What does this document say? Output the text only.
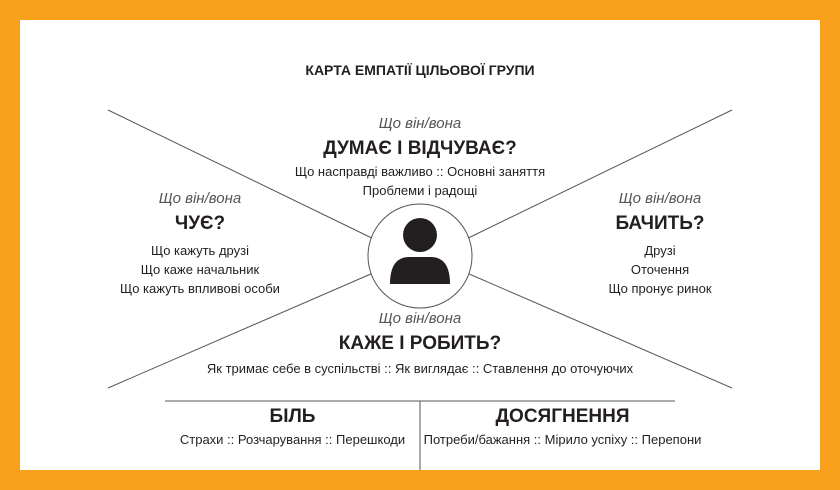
КАРТА ЕМПАТІЇ ЦІЛЬОВОЇ ГРУПИ
Що він/вона
ДУМАЄ І ВІДЧУВАЄ?
Що насправді важливо :: Основні заняття
Проблеми і радощі
Що він/вона
ЧУЄ?
Що кажуть друзі
Що каже начальник
Що кажуть впливові особи
Що він/вона
БАЧИТЬ?
Друзі
Оточення
Що пронує ринок
Що він/вона
КАЖЕ І РОБИТЬ?
Як тримає себе в суспільстві :: Як виглядає :: Ставлення до оточуючих
БІЛЬ
Страхи :: Розчарування :: Перешкоди
ДОСЯГНЕННЯ
Потреби/бажання :: Мірило успіху :: Перепони
